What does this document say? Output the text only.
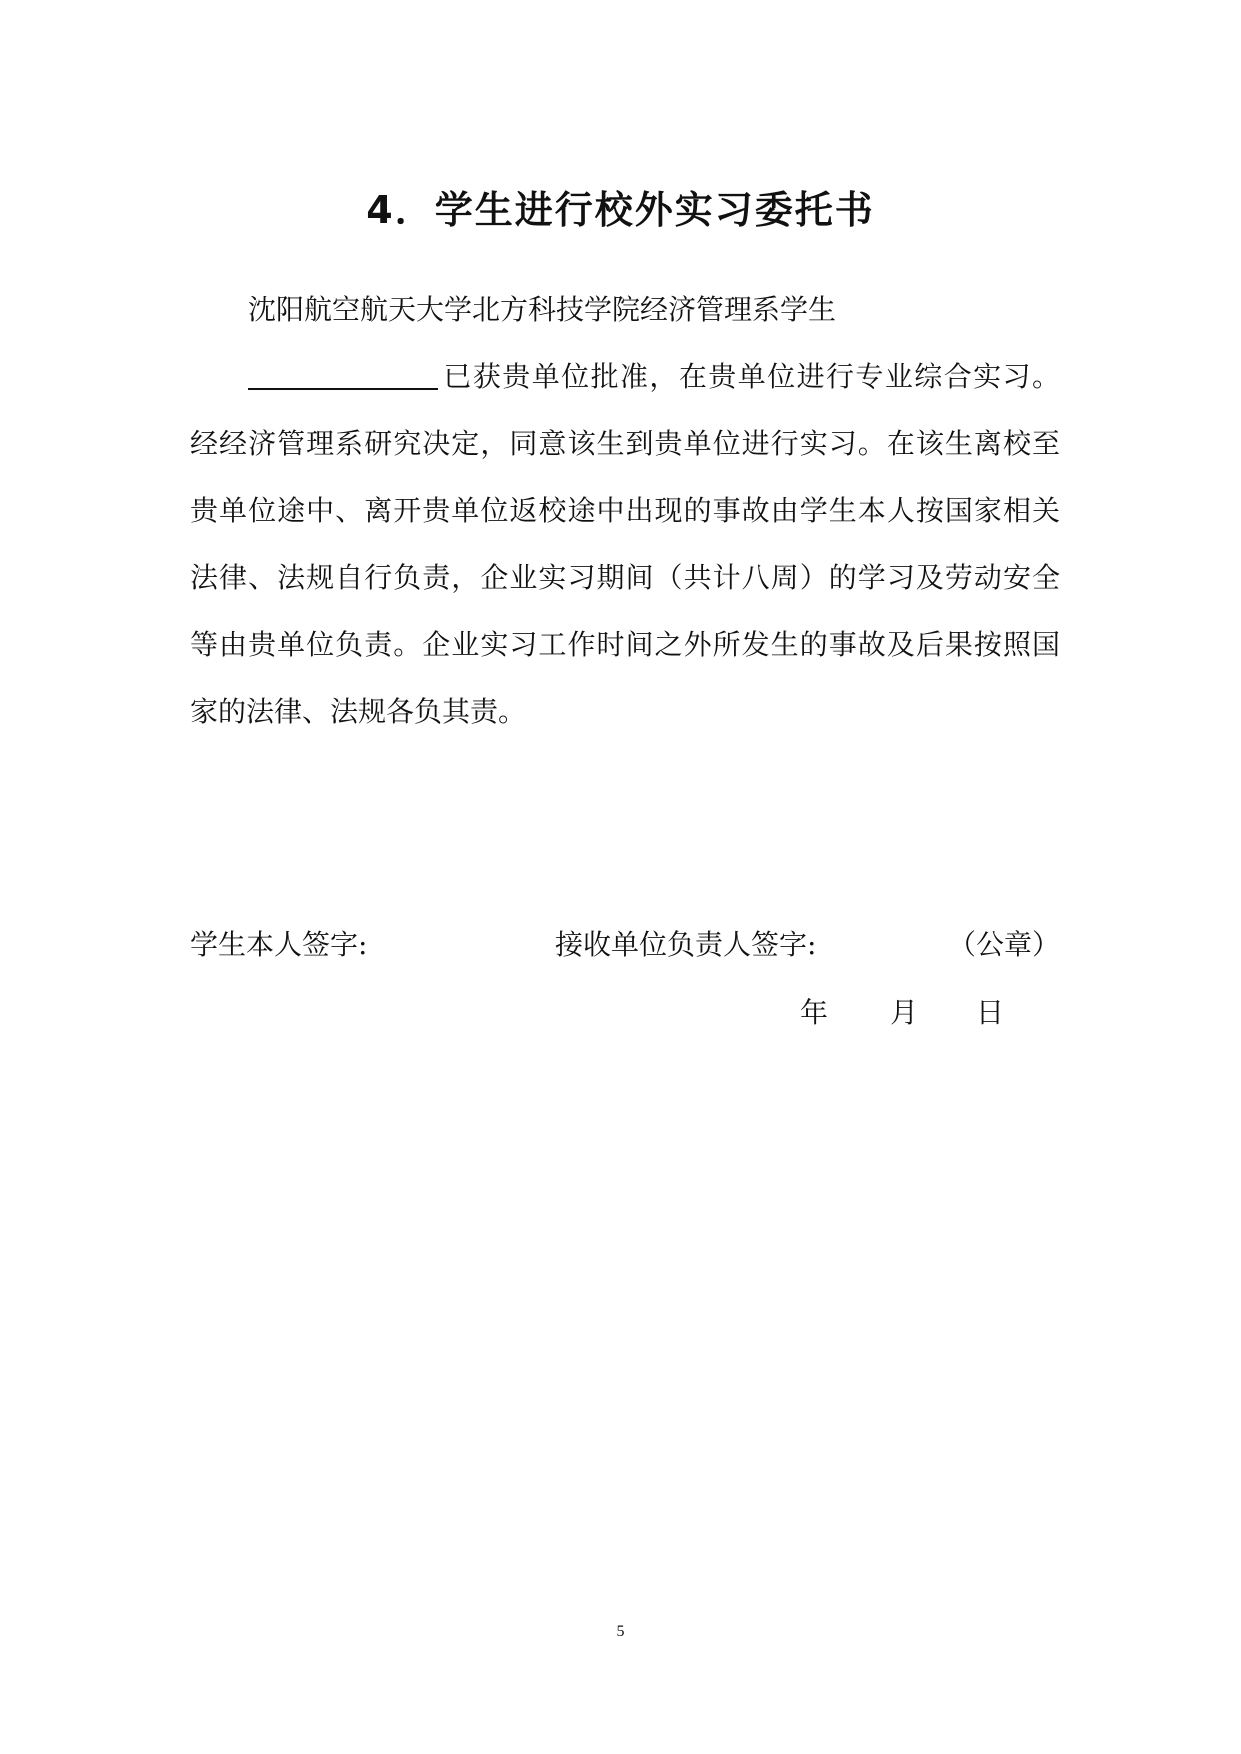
4．学生进行校外实习委托书
沈阳航空航天大学北方科技学院经济管理系学生
已获贵单位批准，在贵单位进行专业综合实习。
经经济管理系研究决定，同意该生到贵单位进行实习。在该生离校至
贵单位途中、离开贵单位返校途中出现的事故由学生本人按国家相关
法律、法规自行负责，企业实习期间（共计八周）的学习及劳动安全
等由贵单位负责。企业实习工作时间之外所发生的事故及后果按照国
家的法律、法规各负其责。
学生本人签字:	接收单位负责人签字:	（公章）
年 月 日
5
